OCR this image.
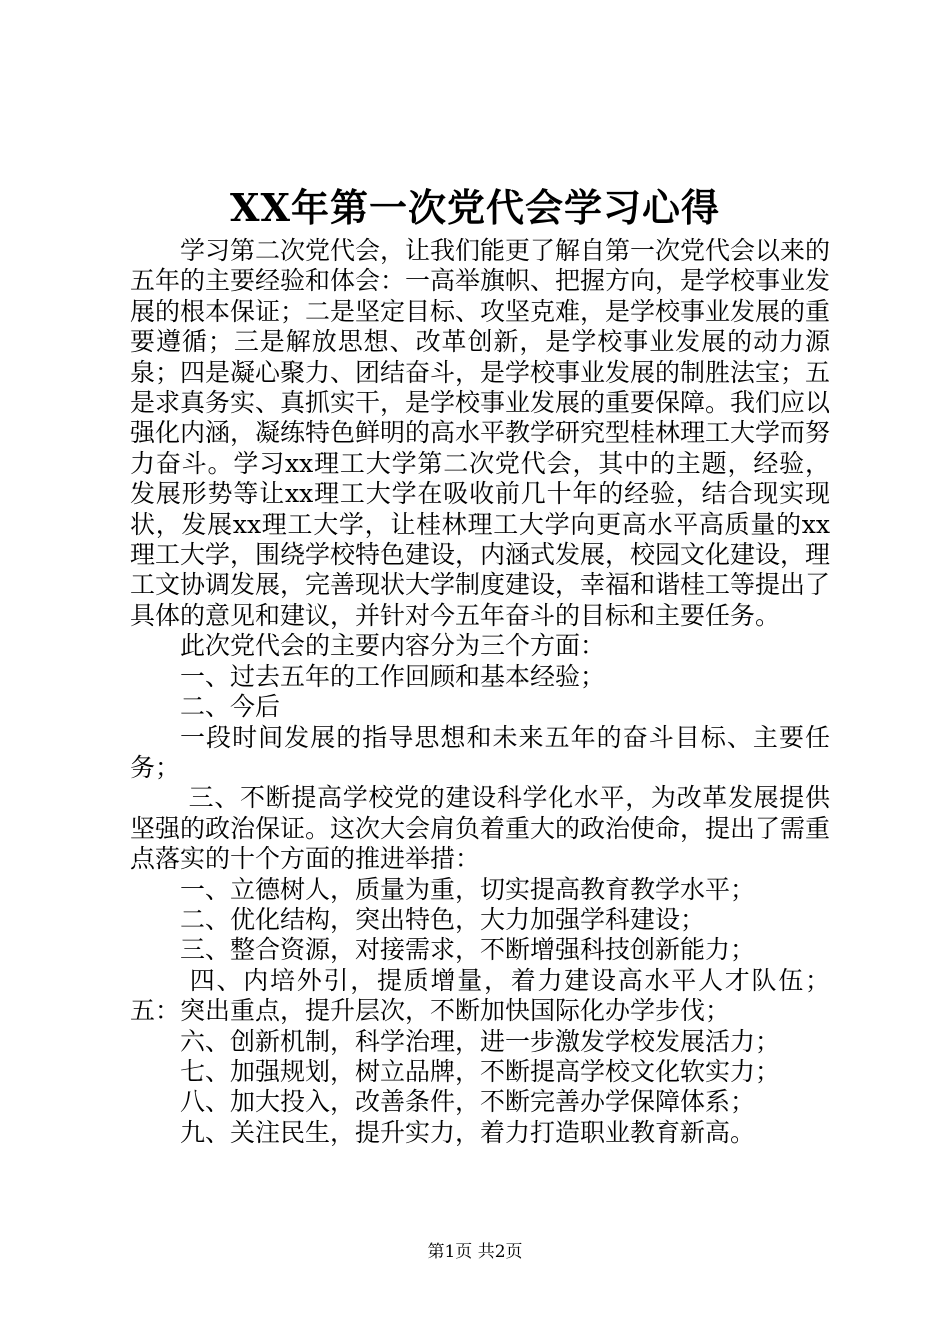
XX年第一次党代会学习心得

学习第二次党代会，让我们能更了解自第一次党代会以来的五年的主要经验和体会：一高举旗帜、把握方向，是学校事业发展的根本保证；二是坚定目标、攻坚克难，是学校事业发展的重要遵循；三是解放思想、改革创新，是学校事业发展的动力源泉；四是凝心聚力、团结奋斗，是学校事业发展的制胜法宝；五是求真务实、真抓实干，是学校事业发展的重要保障。我们应以强化内涵，凝练特色鲜明的高水平教学研究型桂林理工大学而努力奋斗。学习xx理工大学第二次党代会，其中的主题，经验，发展形势等让xx理工大学在吸收前几十年的经验，结合现实现状，发展xx理工大学，让桂林理工大学向更高水平高质量的xx理工大学，围绕学校特色建设，内涵式发展，校园文化建设，理工文协调发展，完善现状大学制度建设，幸福和谐桂工等提出了具体的意见和建议，并针对今五年奋斗的目标和主要任务。

此次党代会的主要内容分为三个方面：

一、过去五年的工作回顾和基本经验；

二、今后

一段时间发展的指导思想和未来五年的奋斗目标、主要任务；

三、不断提高学校党的建设科学化水平，为改革发展提供坚强的政治保证。这次大会肩负着重大的政治使命，提出了需重点落实的十个方面的推进举措：

一、立德树人，质量为重，切实提高教育教学水平；

二、优化结构，突出特色，大力加强学科建设；

三、整合资源，对接需求，不断增强科技创新能力；

四、内培外引，提质增量，着力建设高水平人才队伍；五：突出重点，提升层次，不断加快国际化办学步伐；

六、创新机制，科学治理，进一步激发学校发展活力；

七、加强规划，树立品牌，不断提高学校文化软实力；

八、加大投入，改善条件，不断完善办学保障体系；

九、关注民生，提升实力，着力打造职业教育新高。

第1页 共2页
